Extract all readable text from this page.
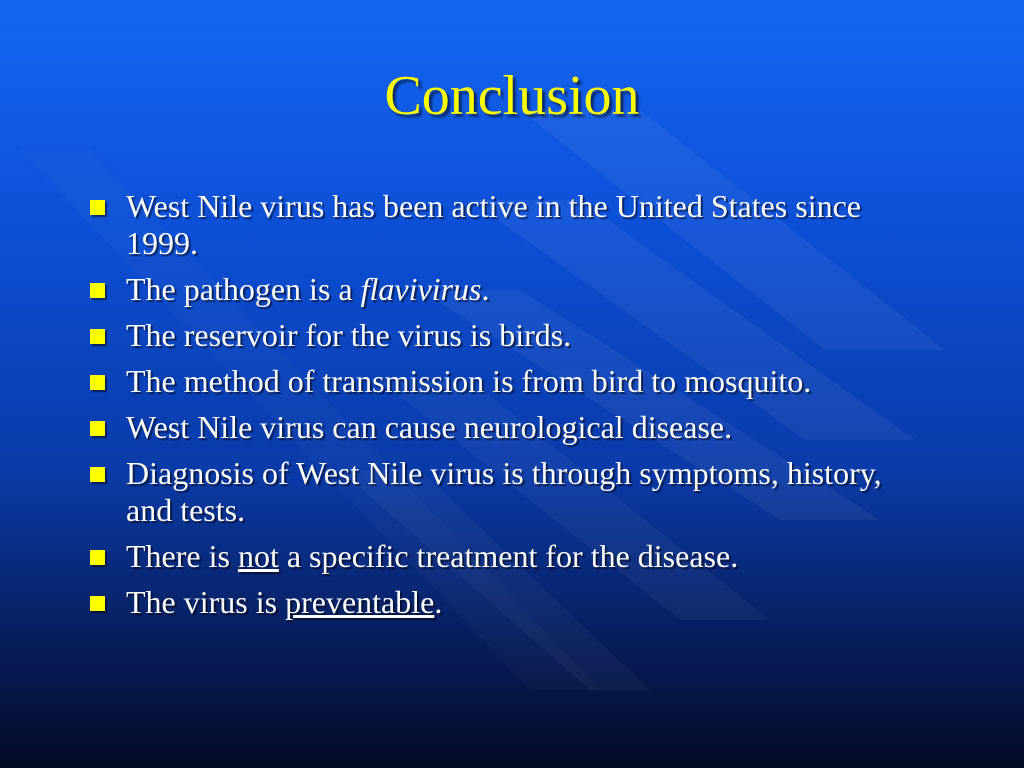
Conclusion
West Nile virus has been active in the United States since 1999.
The pathogen is a flavivirus.
The reservoir for the virus is birds.
The method of transmission is from bird to mosquito.
West Nile virus can cause neurological disease.
Diagnosis of West Nile virus is through symptoms, history, and tests.
There is not a specific treatment for the disease.
The virus is preventable.
